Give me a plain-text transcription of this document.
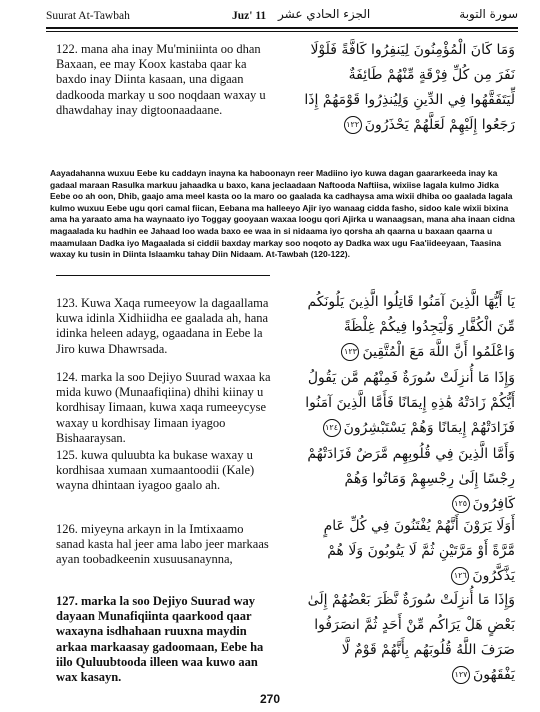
Suurat At-Tawbah	Juz' 11 الجزء الحادي عشر	سورة التوبة
122. mana aha inay Mu'miniinta oo dhan Baxaan, ee may Koox kastaba qaar ka baxdo inay Diinta kasaan, una digaan dadkooda markay u soo noqdaan waxay u dhawdahay inay digtoonaadaane.
وَمَا كَانَ الْمُؤْمِنُونَ لِيَنفِرُوا كَافَّةً فَلَوْلَا نَفَرَ مِن كُلِّ فِرْقَةٍ مِّنْهُمْ طَائِفَةٌ لِّيَتَفَقَّهُوا فِي الدِّينِ وَلِيُنذِرُوا قَوْمَهُمْ إِذَا رَجَعُوا إِلَيْهِمْ لَعَلَّهُمْ يَحْذَرُونَ١٢٢
Aayadahanna wuxuu Eebe ku caddayn inayna ka haboonayn reer Madiino iyo kuwa dagan gaararkeeda inay ka gadaal maraan Rasulka markuu jahaadka u baxo, kana jeclaadaan Naftooda Naftiisa, wixiise lagala kulmo Jidka Eebe oo ah oon, Dhib, gaajo ama meel kasta oo la maro oo gaalada ka cadhaysa ama wixii dhiba oo gaalada lagala kulmo wuxuu Eebe ugu qori camal fiican, Eebana ma halleeyo Ajir iyo wanaag cidda fasho, sidoo kale wixii bixina ama ha yaraato ama ha waynaato iyo Toggay gooyaan waxaa loogu qori Ajirka u wanaagsan, mana aha inaan cidna magaalada ku hadhin ee Jahaad loo wada baxo ee waa in si nidaama iyo qorsha ah qaarna u baxaan qaarna u maamulaan Dadka iyo Magaalada si ciddii baxday markay soo noqoto ay Dadka wax ugu Faa'iideeyaan, Taasina waxay ku tusin in Diinta Islaamku tahay Diin Nidaam. At-Tawbah (120-122).
123. Kuwa Xaqa rumeeyow la dagaallama kuwa idinla Xidhiidha ee gaalada ah, hana idinka heleen adayg, ogaadana in Eebe la Jiro kuwa Dhawrsada.
يَا أَيُّهَا الَّذِينَ آمَنُوا قَاتِلُوا الَّذِينَ يَلُونَكُم مِّنَ الْكُفَّارِ وَلْيَجِدُوا فِيكُمْ غِلْظَةً وَاعْلَمُوا أَنَّ اللَّهَ مَعَ الْمُتَّقِينَ١٢٣
124. marka la soo Dejiyo Suurad waxaa ka mida kuwo (Munaafiqiina) dhihi kiinay u kordhisay Iimaan, kuwa xaqa rumeeycyse waxay u kordhisay Iimaan iyagoo Bishaaraysan.
وَإِذَا مَا أُنزِلَتْ سُورَةٌ فَمِنْهُم مَّن يَقُولُ أَيُّكُمْ زَادَتْهُ هَٰذِهِ إِيمَانًا فَأَمَّا الَّذِينَ آمَنُوا فَزَادَتْهُمْ إِيمَانًا وَهُمْ يَسْتَبْشِرُونَ١٢٤
125. kuwa quluubta ka bukase waxay u kordhisaa xumaan xumaantoodii (Kale) wayna dhintaan iyagoo gaalo ah.
وَأَمَّا الَّذِينَ فِي قُلُوبِهِم مَّرَضٌ فَزَادَتْهُمْ رِجْسًا إِلَىٰ رِجْسِهِمْ وَمَاتُوا وَهُمْ كَافِرُونَ١٢٥
126. miyeyna arkayn in la Imtixaamo sanad kasta hal jeer ama labo jeer markaas ayan toobadkeenin xusuusanaynna,
أَوَلَا يَرَوْنَ أَنَّهُمْ يُفْتَنُونَ فِي كُلِّ عَامٍ مَّرَّةً أَوْ مَرَّتَيْنِ ثُمَّ لَا يَتُوبُونَ وَلَا هُمْ يَذَّكَّرُونَ١٢٦
127. marka la soo Dejiyo Suurad way dayaan Munafiqiinta qaarkood qaar waxayna isdhahaan ruuxna maydin arkaa markaasay gadoomaan, Eebe ha iilo Quluubtooda illeen waa kuwo aan wax kasayn.
وَإِذَا مَا أُنزِلَتْ سُورَةٌ نَّظَرَ بَعْضُهُمْ إِلَىٰ بَعْضٍ هَلْ يَرَاكُم مِّنْ أَحَدٍ ثُمَّ انصَرَفُوا صَرَفَ اللَّهُ قُلُوبَهُم بِأَنَّهُمْ قَوْمٌ لَّا يَفْقَهُونَ١٢٧
270
